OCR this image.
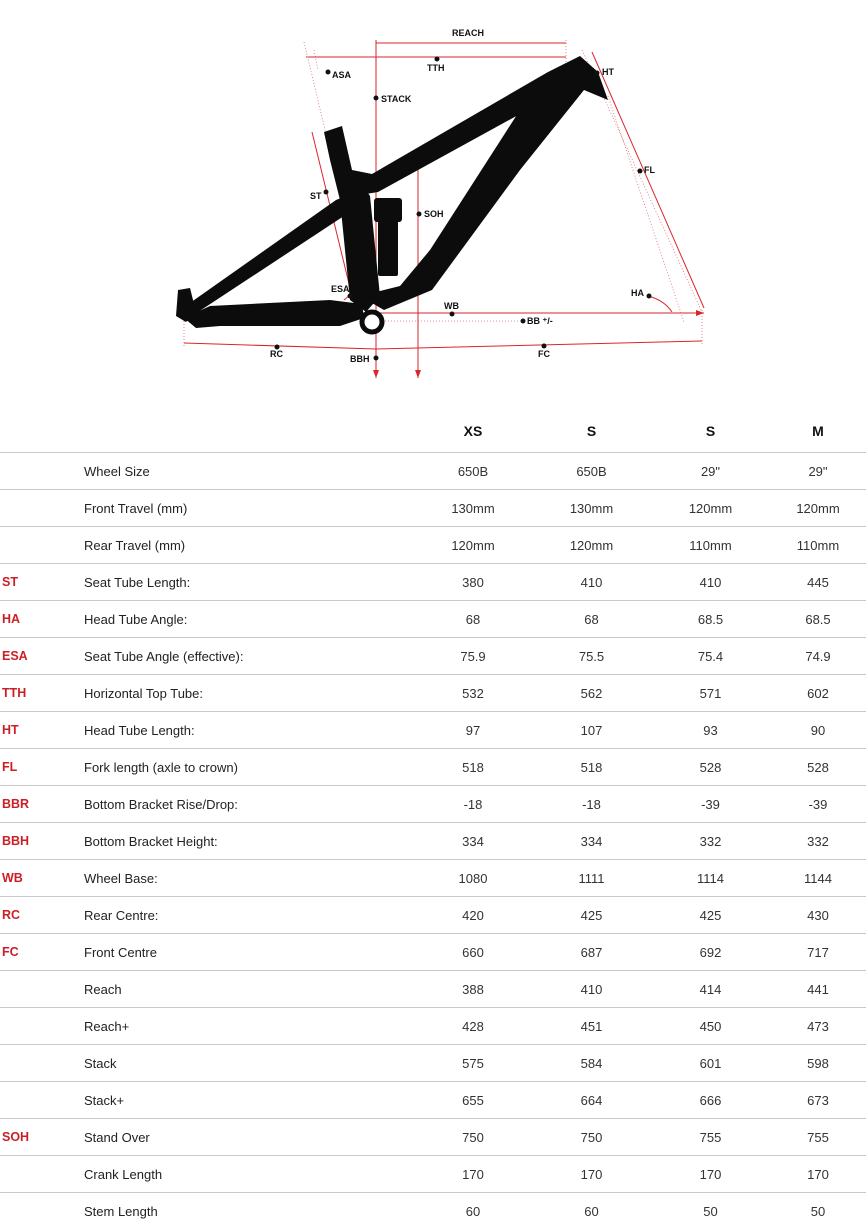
REACH
TTH
ASA
STACK
HT
FL
ST
SOH
ESA	HA
WB
BB ⁺/-
RC	BBH	FC
		XS	S	S	M
	Wheel Size	650B	650B	29"	29"
	Front Travel (mm)	130mm	130mm	120mm	120mm
	Rear Travel (mm)	120mm	120mm	110mm	110mm
ST	Seat Tube Length:	380	410	410	445
HA	Head Tube Angle:	68	68	68.5	68.5
ESA	Seat Tube Angle (effective):	75.9	75.5	75.4	74.9
TTH	Horizontal Top Tube:	532	562	571	602
HT	Head Tube Length:	97	107	93	90
FL	Fork length (axle to crown)	518	518	528	528
BBR	Bottom Bracket Rise/Drop:	-18	-18	-39	-39
BBH	Bottom Bracket Height:	334	334	332	332
WB	Wheel Base:	1080	1111	1114	1144
RC	Rear Centre:	420	425	425	430
FC	Front Centre	660	687	692	717
	Reach	388	410	414	441
	Reach+	428	451	450	473
	Stack	575	584	601	598
	Stack+	655	664	666	673
SOH	Stand Over	750	750	755	755
	Crank Length	170	170	170	170
	Stem Length	60	60	50	50
